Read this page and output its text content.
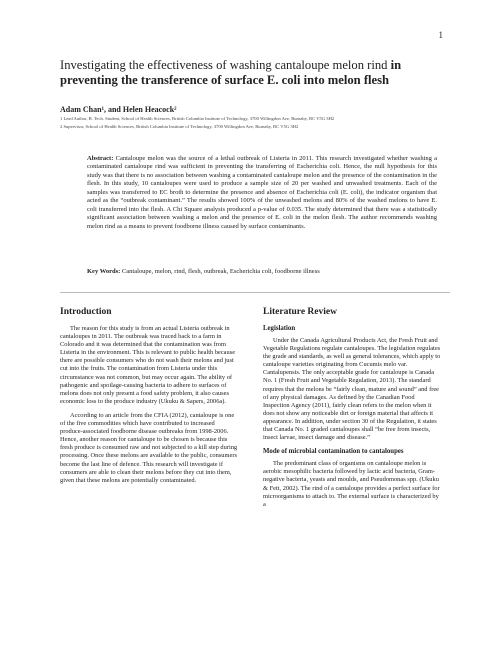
1
Investigating the effectiveness of washing cantaloupe melon rind in preventing the transference of surface E. coli into melon flesh
Adam Chan¹, and Helen Heacock²
1 Lead Author, B. Tech. Student, School of Health Sciences, British Columbia Institute of Technology, 3700 Willingdon Ave, Burnaby, BC V5G 3H2
2 Supervisor, School of Health Sciences, British Columbia Institute of Technology, 3700 Willingdon Ave, Burnaby, BC V5G 3H2
Abstract: Cantaloupe melon was the source of a lethal outbreak of Listeria in 2011. This research investigated whether washing a contaminated cantaloupe rind was sufficient in preventing the transferring of Escherichia coli. Hence, the null hypothesis for this study was that there is no association between washing a contaminated cantaloupe melon and the presence of the contamination in the flesh. In this study, 10 cantaloupes were used to produce a sample size of 20 per washed and unwashed treatments. Each of the samples was transferred to EC broth to determine the presence and absence of Escherichia coli (E. coli), the indicator organism that acted as the “outbreak contaminant.” The results showed 100% of the unwashed melons and 80% of the washed melons to have E. coli transferred into the flesh. A Chi Square analysis produced a p-value of 0.035. The study determined that there was a statistically significant association between washing a melon and the presence of E. coli in the melon flesh. The author recommends washing melon rind as a means to prevent foodborne illness caused by surface contaminants.
Key Words: Cantaloupe, melon, rind, flesh, outbreak, Escherichia coli, foodborne illness
Introduction

The reason for this study is from an actual Listeria outbreak in cantaloupes in 2011. The outbreak was traced back to a farm in Colorado and it was determined that the contamination was from Listeria in the environment. This is relevant to public health because there are possible consumers who do not wash their melons and just cut into the fruits. The contamination from Listeria under this circumstance was not common, but may occur again. The ability of pathogenic and spoilage-causing bacteria to adhere to surfaces of melons does not only present a food safety problem, it also causes economic loss to the produce industry (Ukuku & Sapers, 2006a).

According to an article from the CFIA (2012), cantaloupe is one of the five commodities which have contributed to increased produce-associated foodborne disease outbreaks from 1998-2006. Hence, another reason for cantaloupe to be chosen is because this fresh produce is consumed raw and not subjected to a kill step during processing. Once these melons are available to the public, consumers become the last line of defence. This research will investigate if consumers are able to clean their melons before they cut into them, given that these melons are potentially contaminated.

Literature Review
Legislation

Under the Canada Agricultural Products Act, the Fresh Fruit and Vegetable Regulations regulate cantaloupes. The legislation regulates the grade and standards, as well as general tolerances, which apply to cantaloupe varieties originating from Cucumis melo var. Cantalupensis. The only acceptable grade for cantaloupe is Canada No. 1 (Fresh Fruit and Vegetable Regulation, 2013). The standard requires that the melons be “fairly clean, mature and sound” and free of any physical damages. As defined by the Canadian Food Inspection Agency (2011), fairly clean refers to the melon when it does not show any noticeable dirt or foreign material that affects it appearance. In addition, under section 30 of the Regulation, it states that Canada No. 1 graded cantaloupes shall “be free from insects, insect larvae, insect damage and disease.”

Mode of microbial contamination to cantaloupes

The predominant class of organisms on cantaloupe melon is aerobic mesophilic bacteria followed by lactic acid bacteria, Gram-negative bacteria, yeasts and moulds, and Pseudomonas spp. (Ukuku & Fett, 2002). The rind of a cantaloupe provides a perfect surface for microorganisms to attach to. The external surface is characterized by a
